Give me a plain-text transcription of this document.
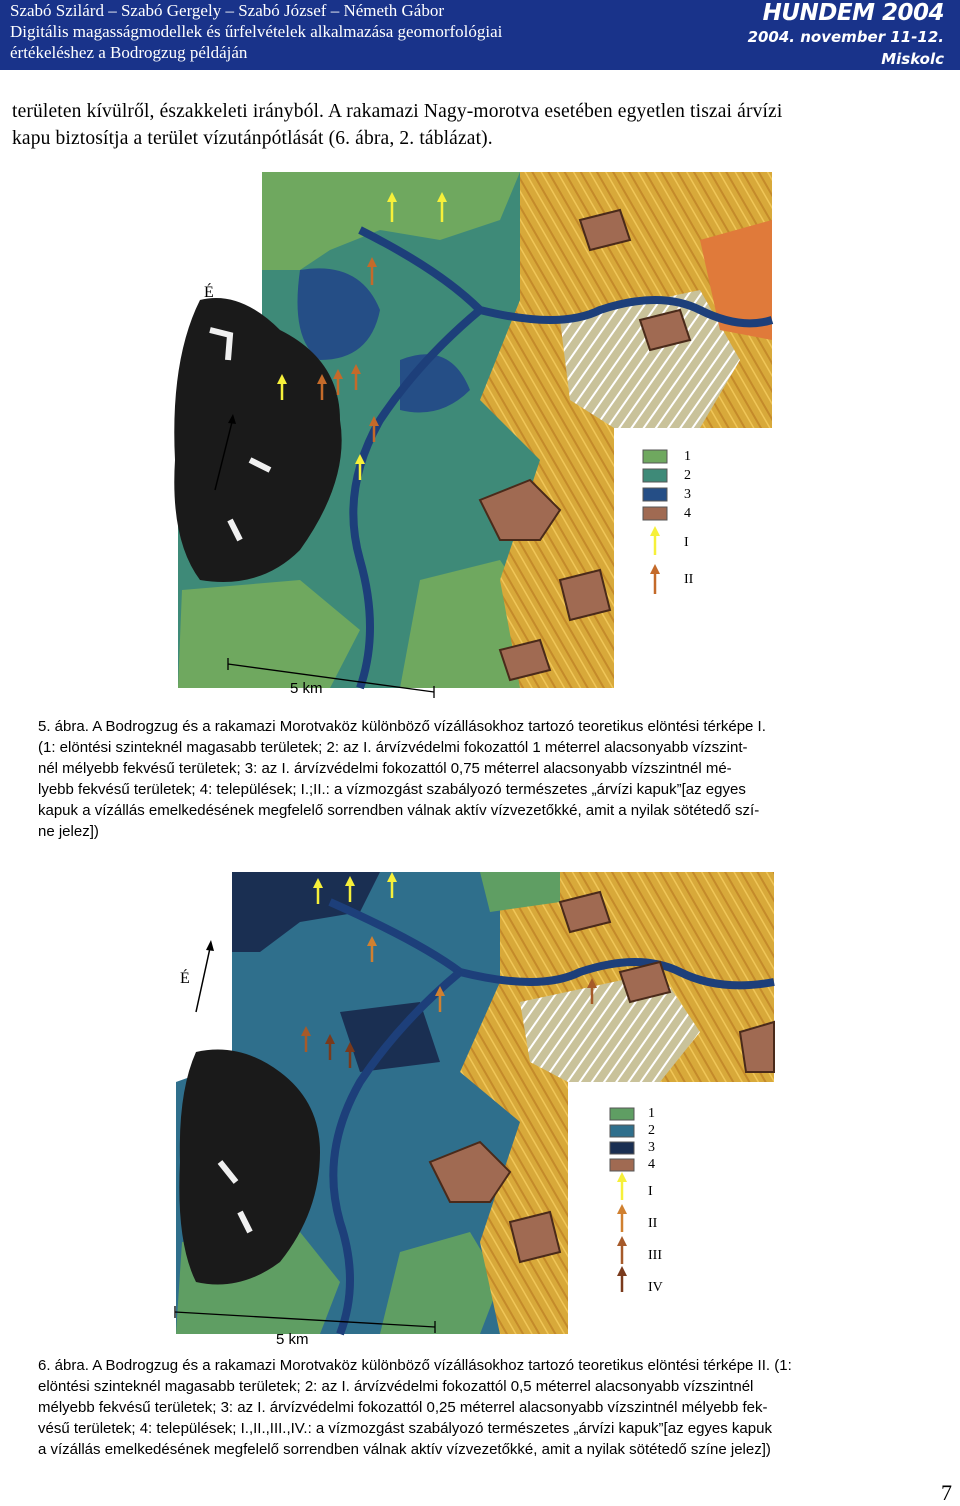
Szabó Szilárd – Szabó Gergely – Szabó József – Németh Gábor
Digitális magasságmodellek és űrfelvételek alkalmazása geomorfológiai
értékeléshez a Bodrogzug példáján
HUNDEM 2004
2004. november 11-12.
Miskolc

területen kívülről, északkeleti irányból. A rakamazi Nagy-morotva esetében egyetlen tiszai árvízi

kapu biztosítja a terület vízutánpótlását (6. ábra, 2. táblázat).

É
5 km
1
2
3
4
I
II

5. ábra. A Bodrogzug és a rakamazi Morotvaköz különböző vízállásokhoz tartozó teoretikus elöntési térképe I.

(1: elöntési szinteknél magasabb területek; 2: az I. árvízvédelmi fokozattól 1 méterrel alacsonyabb vízszint-

nél mélyebb fekvésű területek; 3: az I. árvízvédelmi fokozattól 0,75 méterrel alacsonyabb vízszintnél mé-

lyebb fekvésű területek; 4: települések; I.;II.: a vízmozgást szabályozó természetes „árvízi kapuk”[az egyes

kapuk a vízállás emelkedésének megfelelő sorrendben válnak aktív vízvezetőkké, amit a nyilak sötétedő szí-

ne jelez])

É
5 km
1
2
3
4
I
II
III
IV

6. ábra. A Bodrogzug és a rakamazi Morotvaköz különböző vízállásokhoz tartozó teoretikus elöntési térképe II. (1:

elöntési szinteknél magasabb területek; 2: az I. árvízvédelmi fokozattól 0,5 méterrel alacsonyabb vízszintnél

mélyebb fekvésű területek; 3: az I. árvízvédelmi fokozattól 0,25 méterrel alacsonyabb vízszintnél mélyebb fek-

vésű területek; 4: települések; I.,II.,III.,IV.: a vízmozgást szabályozó természetes „árvízi kapuk”[az egyes kapuk

a vízállás emelkedésének megfelelő sorrendben válnak aktív vízvezetőkké, amit a nyilak sötétedő színe jelez])

7
